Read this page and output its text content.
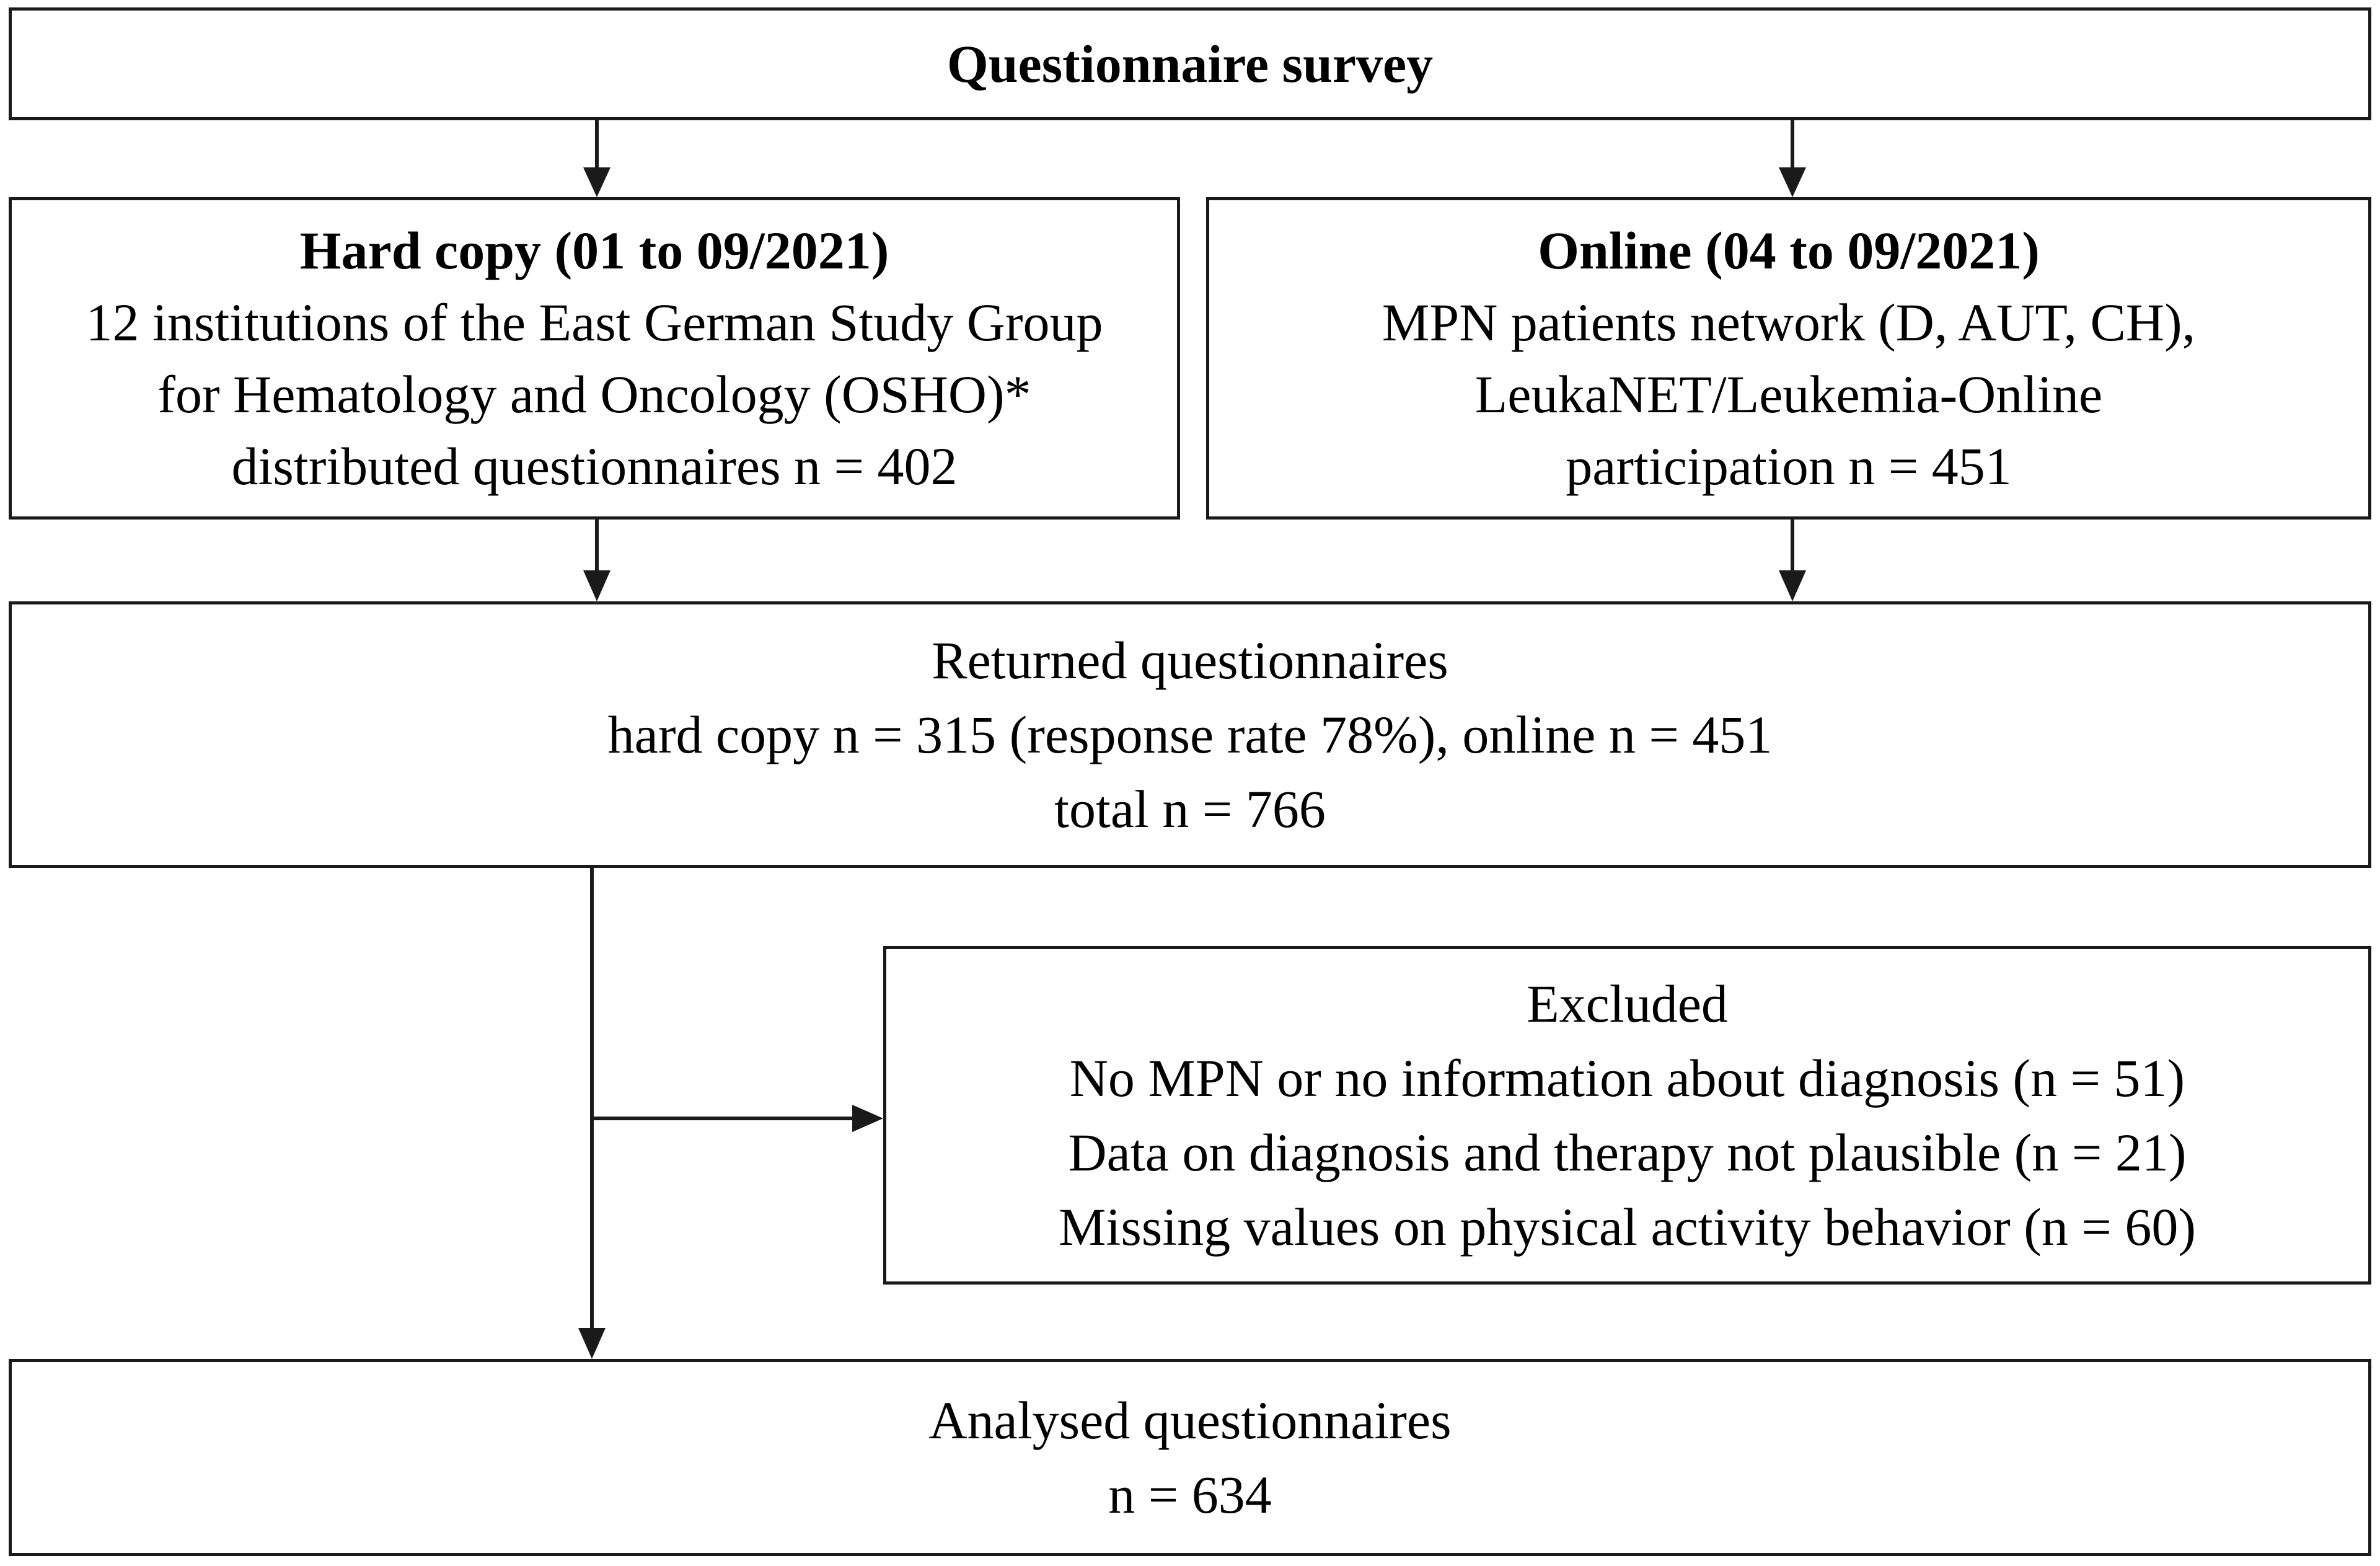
Questionnaire survey
Hard copy (01 to 09/2021)
12 institutions of the East German Study Group
for Hematology and Oncology (OSHO)*
distributed questionnaires n = 402
Online (04 to 09/2021)
MPN patients network (D, AUT, CH),
LeukaNET/Leukemia-Online
participation n = 451
Returned questionnaires
hard copy n = 315 (response rate 78%), online n = 451
total n = 766
Excluded
No MPN or no information about diagnosis (n = 51)
Data on diagnosis and therapy not plausible (n = 21)
Missing values on physical activity behavior (n = 60)
Analysed questionnaires
n = 634
